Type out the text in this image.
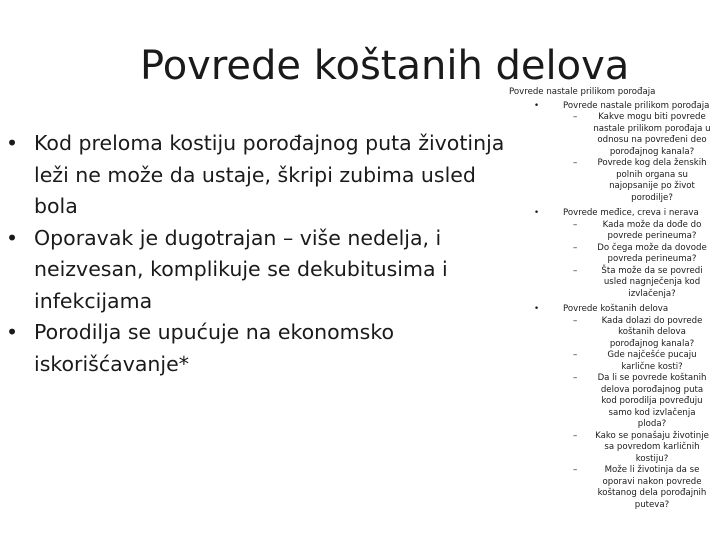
Povrede koštanih delova
• Kod preloma kostiju porođajnog puta životinja leži ne može da ustaje, škripi zubima usled bola
• Oporavak je dugotrajan – više nedelja, i neizvesan, komplikuje se dekubitusima i infekcijama
• Porodilja se upućuje na ekonomsko iskorišćavanje*
Povrede nastale prilikom porođaja
•	Povrede nastale prilikom porođaja
–	Kakve mogu biti povrede nastale prilikom porođaja u odnosu na povređeni deo porođajnog kanala?
–	Povrede kog dela ženskih polnih organa su najopsanije po život porodilje?
•	Povrede međice, creva i nerava
–	Kada može da dođe do povrede perineuma?
–	Do čega može da dovode povreda perineuma?
–	Šta može da se povredi usled nagnječenja kod izvlačenja?
•	Povrede koštanih delova
–	Kada dolazi do povrede koštanih delova porođajnog kanala?
–	Gde najčešće pucaju karlične kosti?
–	Da li se povrede koštanih delova porođajnog puta kod porodilja povređuju samo kod izvlačenja ploda?
– Kako se ponašaju životinje sa povredom karličnih kostiju?
–	Može li životinja da se oporavi nakon povrede koštanog dela porođajnih puteva?
